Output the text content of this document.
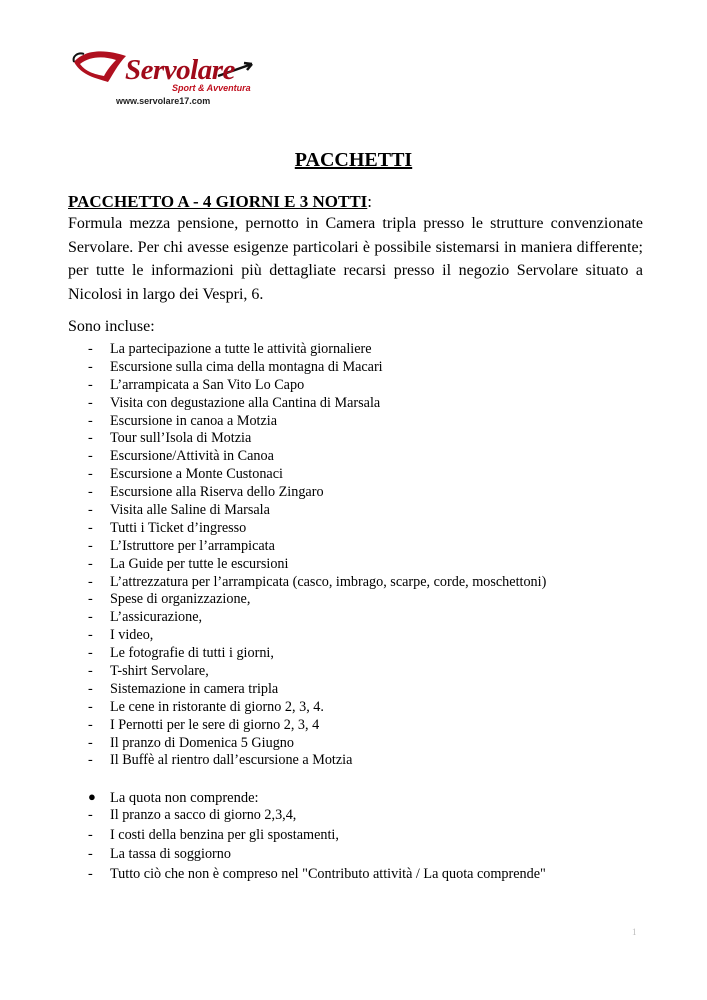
Servolare
Sport & Avventura
www.servolare17.com
PACCHETTI
PACCHETTO A - 4 GIORNI E 3 NOTTI:
Formula mezza pensione, pernotto in Camera tripla presso le strutture convenzionate Servolare. Per chi avesse esigenze particolari è possibile sistemarsi in maniera differente; per tutte le informazioni più dettagliate recarsi presso il negozio Servolare situato a Nicolosi in largo dei Vespri, 6.
Sono incluse:
-	La partecipazione a tutte le attività giornaliere
-	Escursione sulla cima della montagna di Macari
-	L’arrampicata a San Vito Lo Capo
-	Visita con degustazione alla Cantina di Marsala
-	Escursione in canoa a Motzia
-	Tour sull’Isola di Motzia
-	Escursione/Attività in Canoa
-	Escursione a Monte Custonaci
-	Escursione alla Riserva dello Zingaro
-	Visita alle Saline di Marsala
-	Tutti i Ticket d’ingresso
-	L’Istruttore per l’arrampicata
-	La Guide per tutte le escursioni
-	L’attrezzatura per l’arrampicata (casco, imbrago, scarpe, corde, moschettoni)
-	Spese di organizzazione,
-	L’assicurazione,
-	I video,
-	Le fotografie di tutti i giorni,
-	T-shirt Servolare,
-	Sistemazione in camera tripla
-	Le cene in ristorante di giorno 2, 3, 4.
-	I Pernotti per le sere di giorno 2, 3, 4
-	Il pranzo di Domenica 5 Giugno
-	Il Buffè al rientro dall’escursione a Motzia
● La quota non comprende:
- Il pranzo a sacco di giorno 2,3,4,
- I costi della benzina per gli spostamenti,
- La tassa di soggiorno
- Tutto ciò che non è compreso nel "Contributo attività / La quota comprende"
1
